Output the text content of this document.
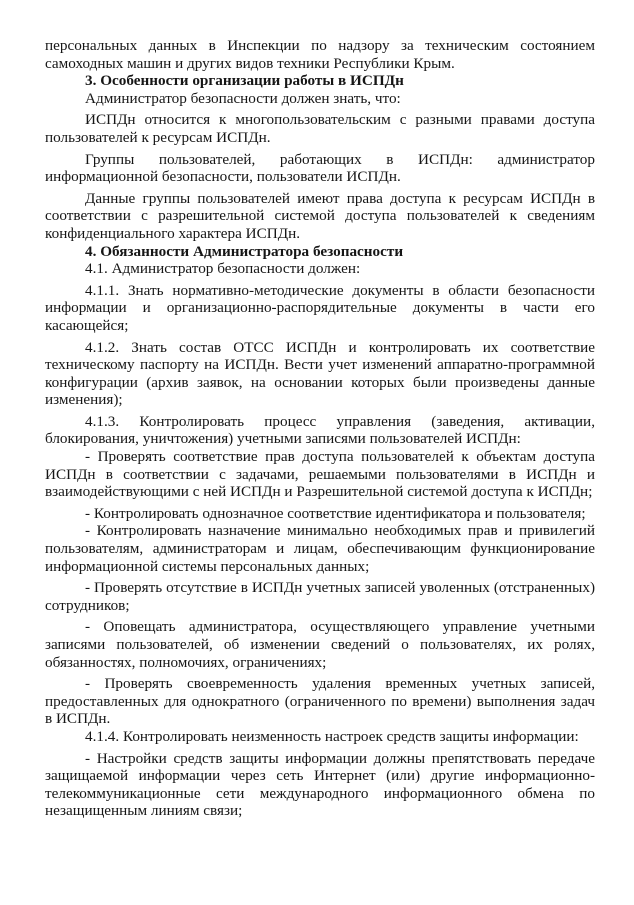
персональных данных в Инспекции по надзору за техническим состоянием самоходных машин и других видов техники Республики Крым.

3. Особенности организации работы в ИСПДн

Администратор безопасности должен знать, что:

ИСПДн относится к многопользовательским с разными правами доступа пользователей к ресурсам ИСПДн.

Группы пользователей, работающих в ИСПДн: администратор информационной безопасности, пользователи ИСПДн.

Данные группы пользователей имеют права доступа к ресурсам ИСПДн в соответствии с разрешительной системой доступа пользователей к сведениям конфиденциального характера ИСПДн.

4. Обязанности Администратора безопасности

4.1. Администратор безопасности должен:

4.1.1. Знать нормативно-методические документы в области безопасности информации и организационно-распорядительные документы в части его касающейся;

4.1.2. Знать состав ОТСС ИСПДн и контролировать их соответствие техническому паспорту на ИСПДн. Вести учет изменений аппаратно-программной конфигурации (архив заявок, на основании которых были произведены данные изменения);

4.1.3. Контролировать процесс управления (заведения, активации, блокирования, уничтожения) учетными записями пользователей ИСПДн:

- Проверять соответствие прав доступа пользователей к объектам доступа ИСПДн в соответствии с задачами, решаемыми пользователями в ИСПДн и взаимодействующими с ней ИСПДн и Разрешительной системой доступа к ИСПДн;

- Контролировать однозначное соответствие идентификатора и пользователя;

- Контролировать назначение минимально необходимых прав и привилегий пользователям, администраторам и лицам, обеспечивающим функционирование информационной системы персональных данных;

- Проверять отсутствие в ИСПДн учетных записей уволенных (отстраненных) сотрудников;

- Оповещать администратора, осуществляющего управление учетными записями пользователей, об изменении сведений о пользователях, их ролях, обязанностях, полномочиях, ограничениях;

- Проверять своевременность удаления временных учетных записей, предоставленных для однократного (ограниченного по времени) выполнения задач в ИСПДн.

4.1.4. Контролировать неизменность настроек средств защиты информации:

- Настройки средств защиты информации должны препятствовать передаче защищаемой информации через сеть Интернет (или) другие информационно-телекоммуникационные сети международного информационного обмена по незащищенным линиям связи;
